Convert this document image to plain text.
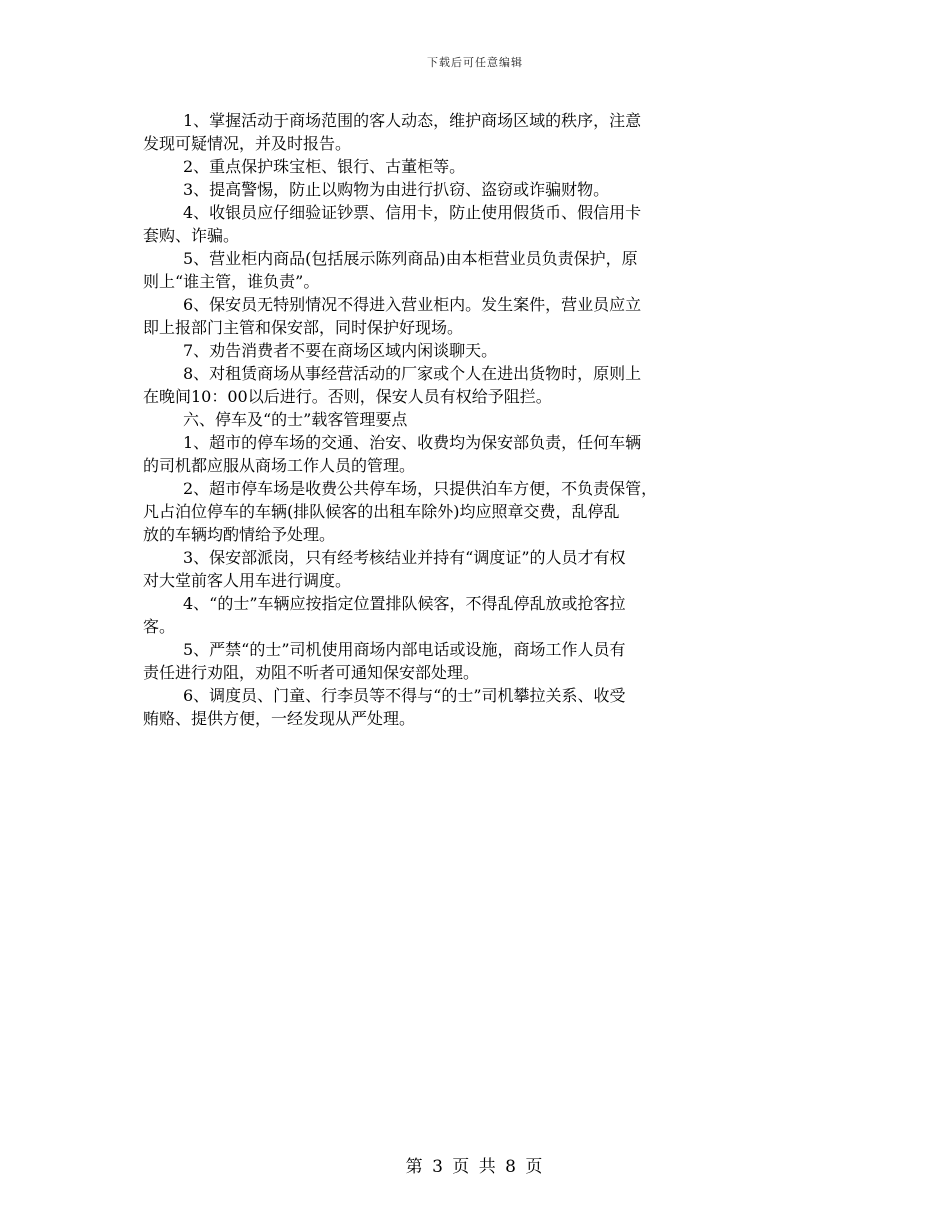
下载后可任意编辑
1、掌握活动于商场范围的客人动态，维护商场区域的秩序，注意
发现可疑情况，并及时报告。
2、重点保护珠宝柜、银行、古董柜等。
3、提高警惕，防止以购物为由进行扒窃、盗窃或诈骗财物。
4、收银员应仔细验证钞票、信用卡，防止使用假货币、假信用卡
套购、诈骗。
5、营业柜内商品(包括展示陈列商品)由本柜营业员负责保护，原
则上“谁主管，谁负责”。
6、保安员无特别情况不得进入营业柜内。发生案件，营业员应立
即上报部门主管和保安部，同时保护好现场。
7、劝告消费者不要在商场区域内闲谈聊天。
8、对租赁商场从事经营活动的厂家或个人在进出货物时，原则上
在晚间10：00以后进行。否则，保安人员有权给予阻拦。
六、停车及“的士”载客管理要点
1、超市的停车场的交通、治安、收费均为保安部负责，任何车辆
的司机都应服从商场工作人员的管理。
2、超市停车场是收费公共停车场，只提供泊车方便，不负责保管，
凡占泊位停车的车辆(排队候客的出租车除外)均应照章交费，乱停乱
放的车辆均酌情给予处理。
3、保安部派岗，只有经考核结业并持有“调度证”的人员才有权
对大堂前客人用车进行调度。
4、“的士”车辆应按指定位置排队候客，不得乱停乱放或抢客拉
客。
5、严禁“的士”司机使用商场内部电话或设施，商场工作人员有
责任进行劝阻，劝阻不听者可通知保安部处理。
6、调度员、门童、行李员等不得与“的士”司机攀拉关系、收受
贿赂、提供方便，一经发现从严处理。
第 3 页 共 8 页
